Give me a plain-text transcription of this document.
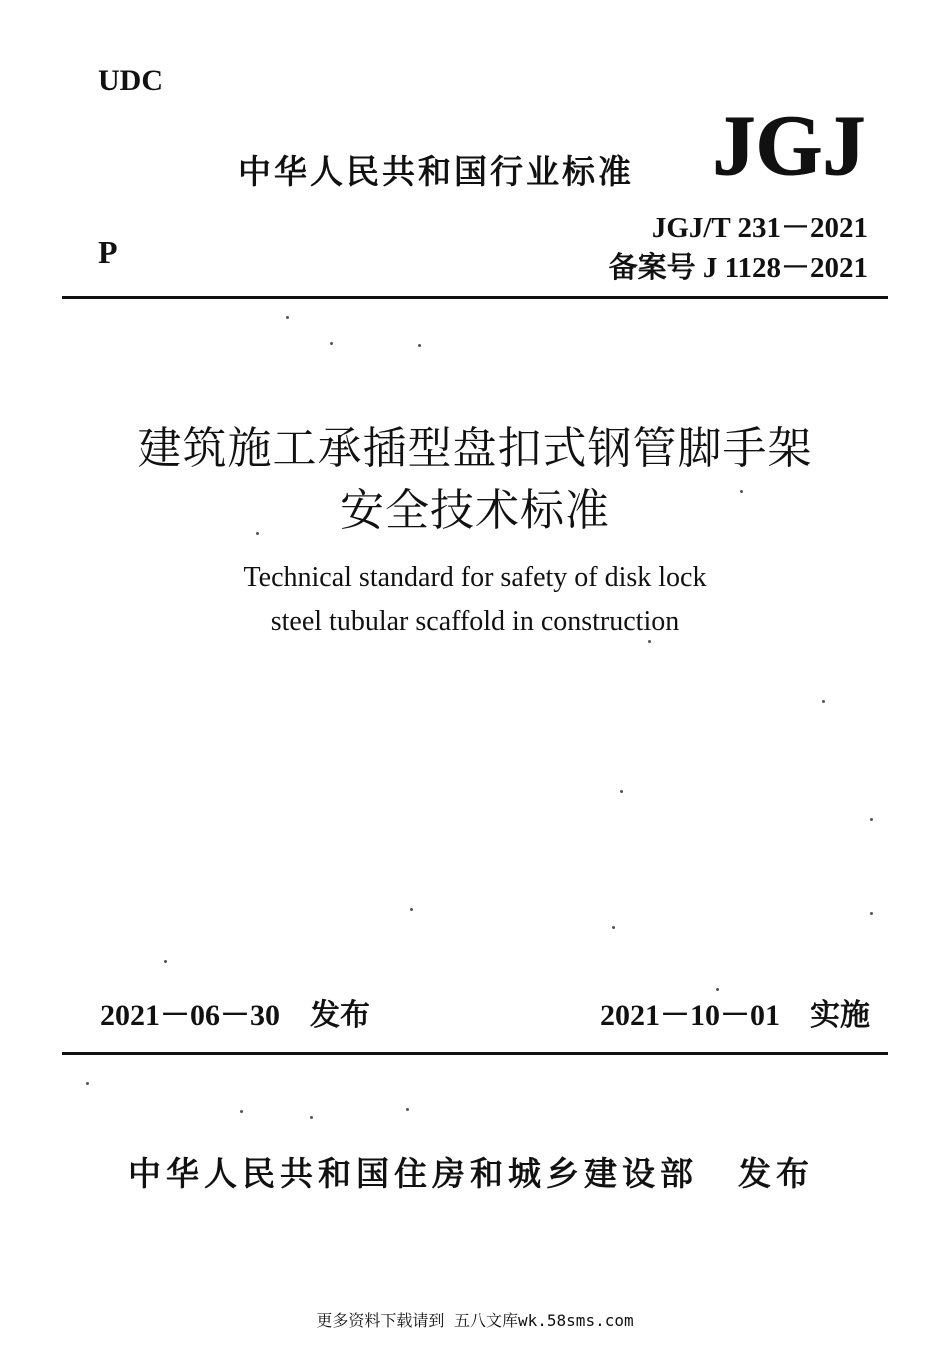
UDC
中华人民共和国行业标准 JGJ
JGJ/T 231－2021
备案号 J 1128－2021
P
建筑施工承插型盘扣式钢管脚手架
安全技术标准
Technical standard for safety of disk lock
steel tubular scaffold in construction
2021－06－30 发布	2021－10－01 实施
中华人民共和国住房和城乡建设部 发布
更多资料下载请到 五八文库wk.58sms.com
